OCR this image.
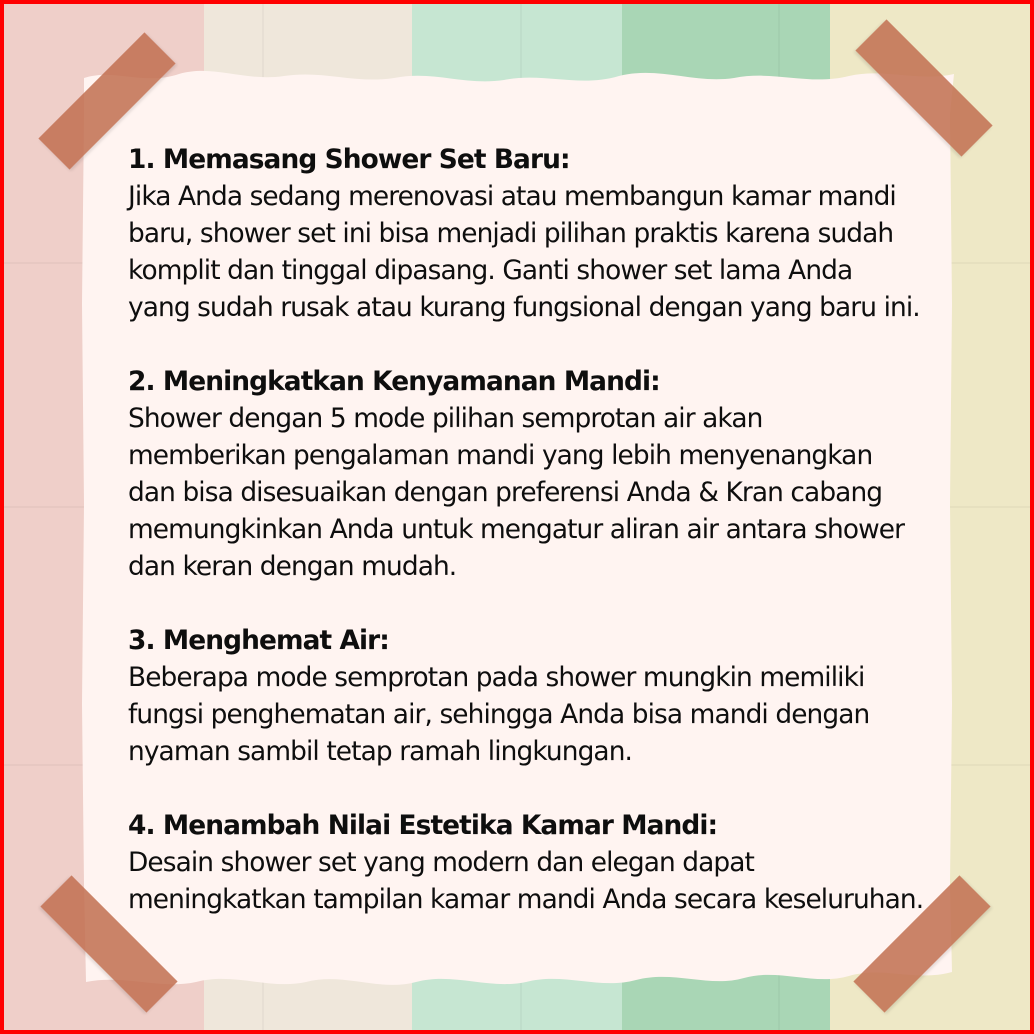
1. Memasang Shower Set Baru:
Jika Anda sedang merenovasi atau membangun kamar mandi
baru, shower set ini bisa menjadi pilihan praktis karena sudah
komplit dan tinggal dipasang. Ganti shower set lama Anda
yang sudah rusak atau kurang fungsional dengan yang baru ini.
2. Meningkatkan Kenyamanan Mandi:
Shower dengan 5 mode pilihan semprotan air akan
memberikan pengalaman mandi yang lebih menyenangkan
dan bisa disesuaikan dengan preferensi Anda & Kran cabang
memungkinkan Anda untuk mengatur aliran air antara shower
dan keran dengan mudah.
3. Menghemat Air:
Beberapa mode semprotan pada shower mungkin memiliki
fungsi penghematan air, sehingga Anda bisa mandi dengan
nyaman sambil tetap ramah lingkungan.
4. Menambah Nilai Estetika Kamar Mandi:
Desain shower set yang modern dan elegan dapat
meningkatkan tampilan kamar mandi Anda secara keseluruhan.
